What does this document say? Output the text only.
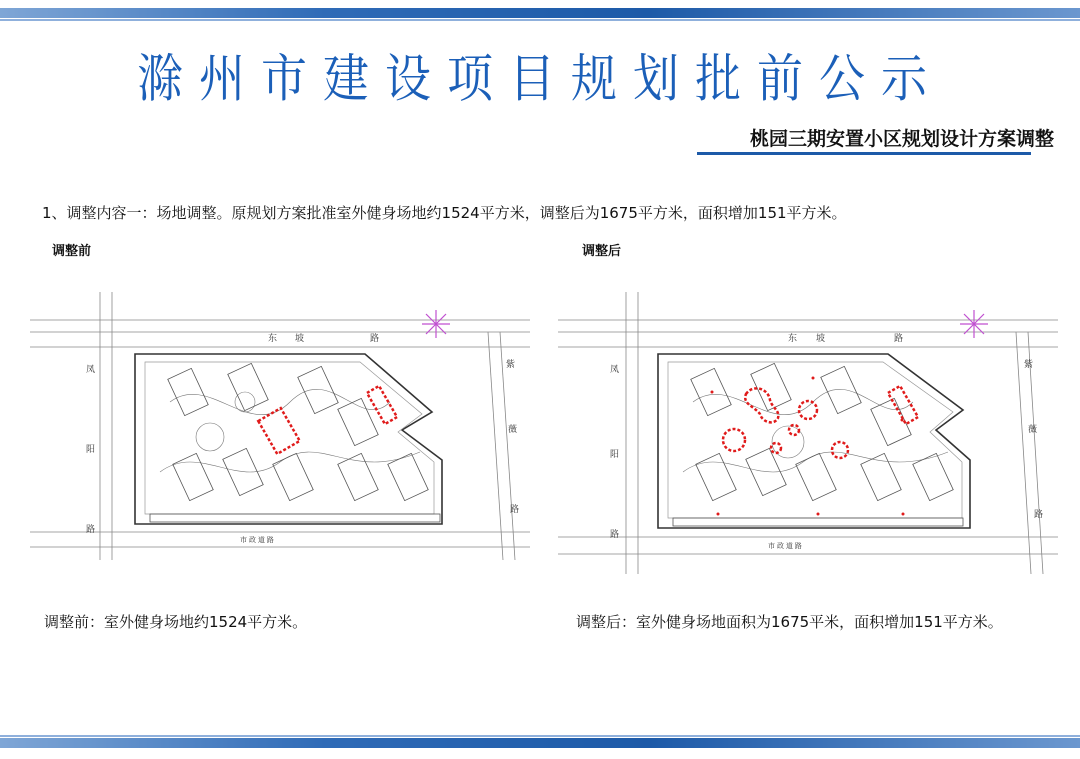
滁州市建设项目规划批前公示
桃园三期安置小区规划设计方案调整
1、调整内容一：场地调整。原规划方案批准室外健身场地约1524平方米，调整后为1675平方米，面积增加151平方米。
调整前	调整后
东 坡	路
凤
阳
路
紫
薇
路
市 政 道 路
东 坡	路
凤
阳
路
紫
薇
路
市 政 道 路
调整前：室外健身场地约1524平方米。	调整后：室外健身场地面积为1675平米，面积增加151平方米。
